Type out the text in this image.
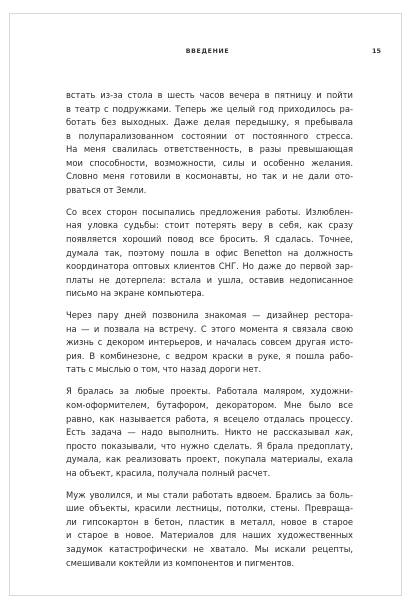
ВВЕДЕНИЕ	15

встать из-за стола в шесть часов вечера в пятницу и пойти
в театр с подружками. Теперь же целый год приходилось ра-
ботать без выходных. Даже делая передышку, я пребывала
в полупарализованном состоянии от постоянного стресса.
На меня свалилась ответственность, в разы превышающая
мои способности, возможности, силы и особенно желания.
Словно меня готовили в космонавты, но так и не дали ото-
рваться от Земли.

Со всех сторон посыпались предложения работы. Излюблен-
ная уловка судьбы: стоит потерять веру в себя, как сразу
появляется хороший повод все бросить. Я сдалась. Точнее,
думала так, поэтому пошла в офис Benetton на должность
координатора оптовых клиентов СНГ. Но даже до первой зар-
платы не дотерпела: встала и ушла, оставив недописанное
письмо на экране компьютера.

Через пару дней позвонила знакомая — дизайнер рестора-
на — и позвала на встречу. С этого момента я связала свою
жизнь с декором интерьеров, и началась совсем другая исто-
рия. В комбинезоне, с ведром краски в руке, я пошла рабо-
тать с мыслью о том, что назад дороги нет.

Я бралась за любые проекты. Работала маляром, художни-
ком-оформителем, бутафором, декоратором. Мне было все
равно, как называется работа, я всецело отдалась процессу.
Есть задача — надо выполнить. Никто не рассказывал как,
просто показывали, что нужно сделать. Я брала предоплату,
думала, как реализовать проект, покупала материалы, ехала
на объект, красила, получала полный расчет.

Муж уволился, и мы стали работать вдвоем. Брались за боль-
шие объекты, красили лестницы, потолки, стены. Превраща-
ли гипсокартон в бетон, пластик в металл, новое в старое
и старое в новое. Материалов для наших художественных
задумок катастрофически не хватало. Мы искали рецепты,
смешивали коктейли из компонентов и пигментов.
